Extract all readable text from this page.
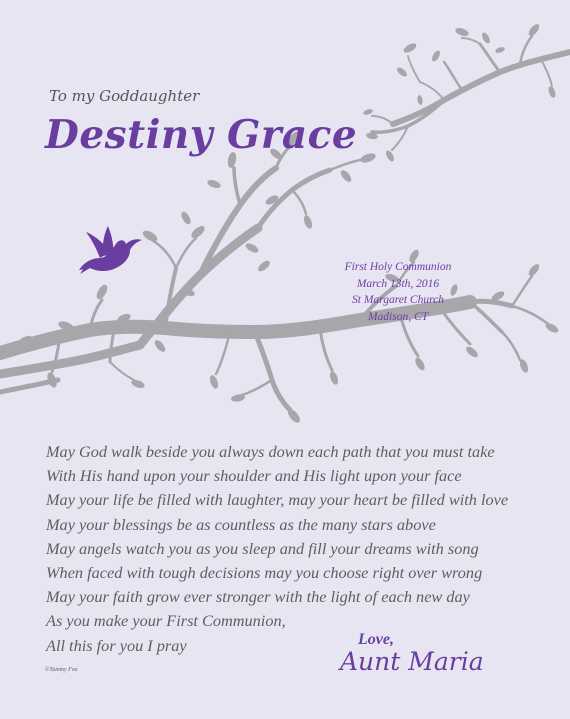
To my Goddaughter

Destiny Grace
First Holy Communion
March 13th, 2016
St Margaret Church
Madison, CT
May God walk beside you always down each path that you must take
With His hand upon your shoulder and His light upon your face
May your life be filled with laughter, may your heart be filled with love
May your blessings be as countless as the many stars above
May angels watch you as you sleep and fill your dreams with song
When faced with tough decisions may you choose right over wrong
May your faith grow ever stronger with the light of each new day
As you make your First Communion,
All this for you I pray
©Tammy Fox

Love,

Aunt Maria
